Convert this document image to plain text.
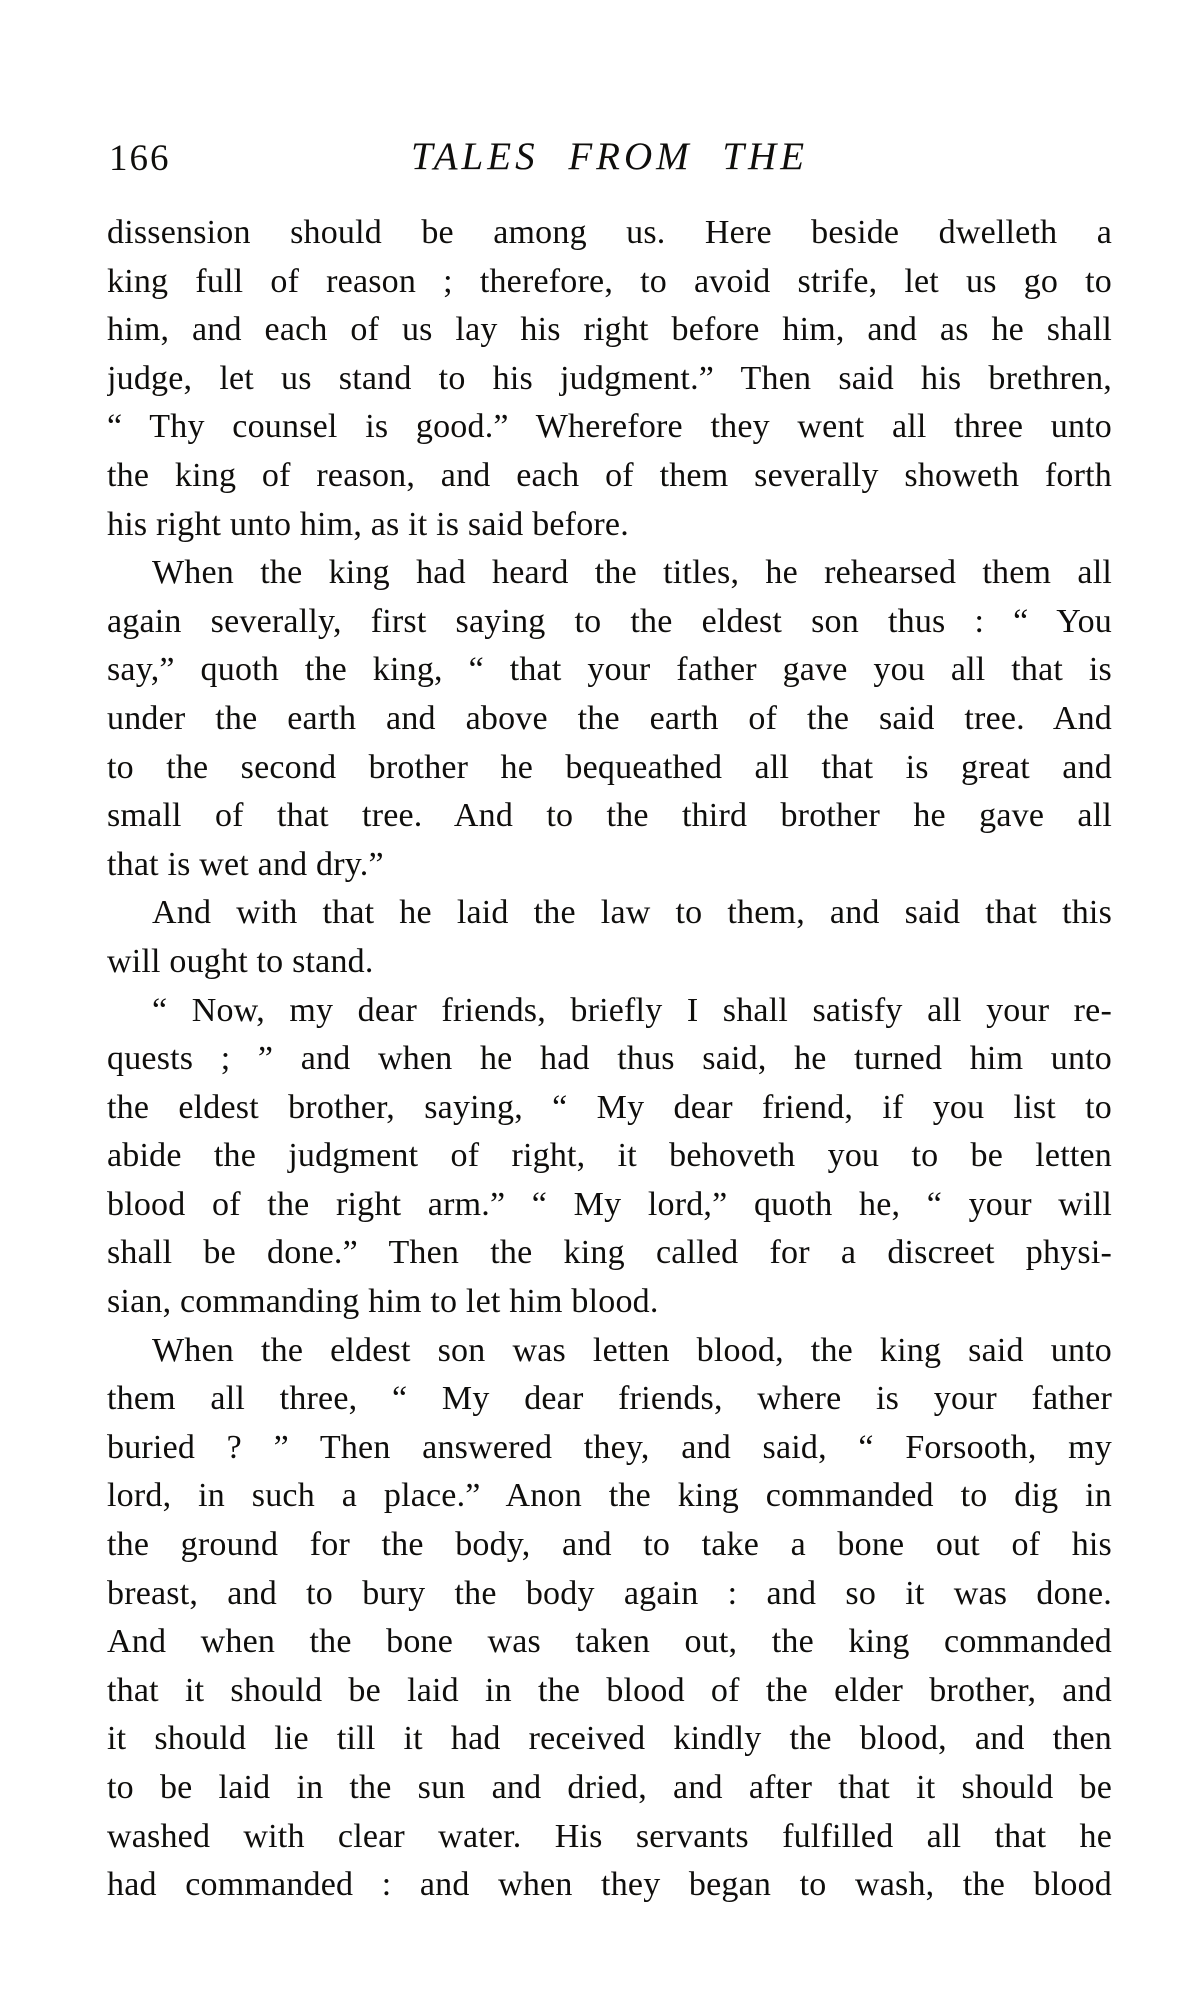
166	TALES FROM THE
dissension should be among us. Here beside dwelleth a
king full of reason ; therefore, to avoid strife, let us go to
him, and each of us lay his right before him, and as he shall
judge, let us stand to his judgment.” Then said his brethren,
“ Thy counsel is good.” Wherefore they went all three unto
the king of reason, and each of them severally showeth forth
his right unto him, as it is said before.
When the king had heard the titles, he rehearsed them all
again severally, first saying to the eldest son thus : “ You
say,” quoth the king, “ that your father gave you all that is
under the earth and above the earth of the said tree. And
to the second brother he bequeathed all that is great and
small of that tree. And to the third brother he gave all
that is wet and dry.”
And with that he laid the law to them, and said that this
will ought to stand.
“ Now, my dear friends, briefly I shall satisfy all your re-
quests ; ” and when he had thus said, he turned him unto
the eldest brother, saying, “ My dear friend, if you list to
abide the judgment of right, it behoveth you to be letten
blood of the right arm.” “ My lord,” quoth he, “ your will
shall be done.” Then the king called for a discreet physi-
sian, commanding him to let him blood.
When the eldest son was letten blood, the king said unto
them all three, “ My dear friends, where is your father
buried ? ” Then answered they, and said, “ Forsooth, my
lord, in such a place.” Anon the king commanded to dig in
the ground for the body, and to take a bone out of his
breast, and to bury the body again : and so it was done.
And when the bone was taken out, the king commanded
that it should be laid in the blood of the elder brother, and
it should lie till it had received kindly the blood, and then
to be laid in the sun and dried, and after that it should be
washed with clear water. His servants fulfilled all that he
had commanded : and when they began to wash, the blood
